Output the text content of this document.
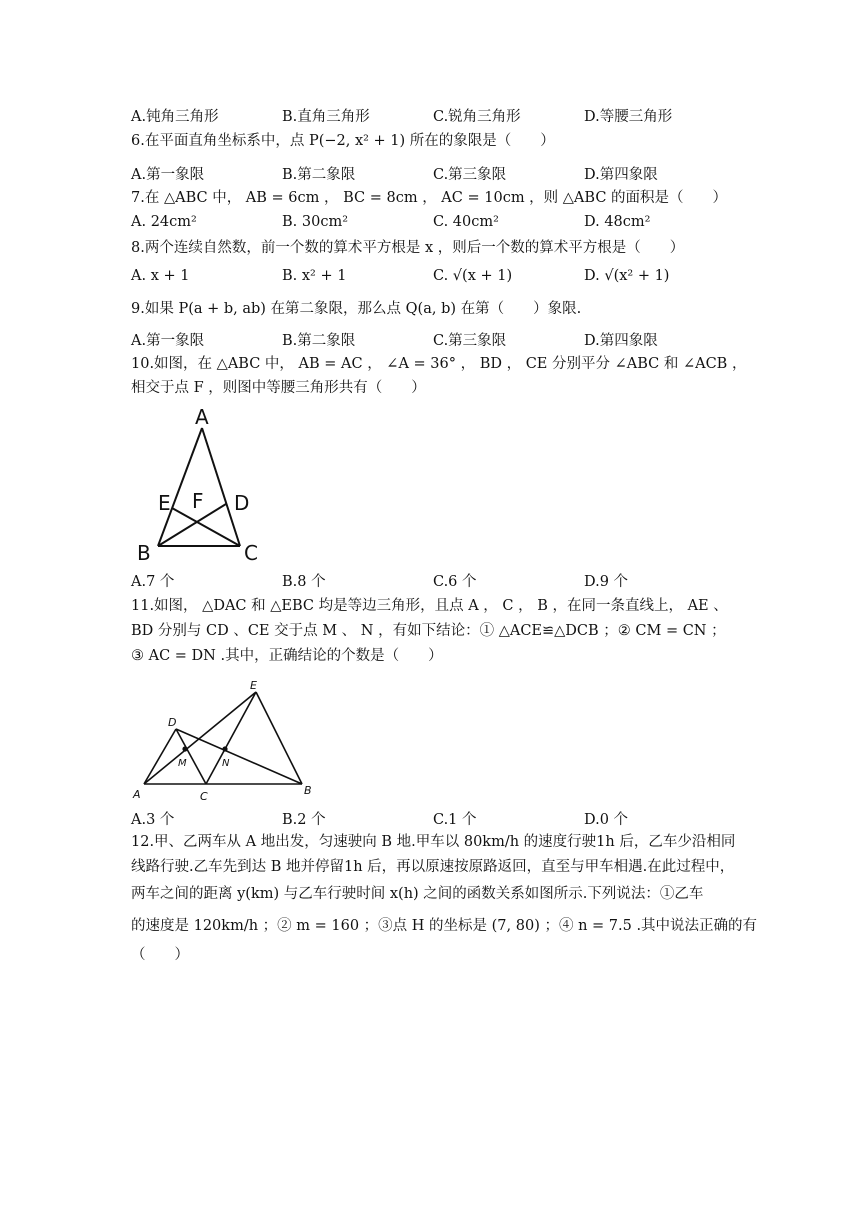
A.钝角三角形	B.直角三角形	C.锐角三角形	D.等腰三角形
6.在平面直角坐标系中，点 P(−2, x² + 1) 所在的象限是（　　）
A.第一象限	B.第二象限	C.第三象限	D.第四象限
7.在 △ABC 中， AB = 6cm ， BC = 8cm ， AC = 10cm ，则 △ABC 的面积是（　　）
A. 24cm²	B. 30cm²	C. 40cm²	D. 48cm²
8.两个连续自然数，前一个数的算术平方根是 x ，则后一个数的算术平方根是（　　）
A. x + 1	B. x² + 1	C. √(x + 1)	D. √(x² + 1)
9.如果 P(a + b, ab) 在第二象限，那么点 Q(a, b) 在第（　　）象限.
A.第一象限	B.第二象限	C.第三象限	D.第四象限
10.如图，在 △ABC 中， AB = AC ， ∠A = 36° ， BD ， CE 分别平分 ∠ABC 和 ∠ACB ，
相交于点 F ，则图中等腰三角形共有（　　）
A
B	C
D
E F
A.7 个	B.8 个	C.6 个	D.9 个
11.如图， △DAC 和 △EBC 均是等边三角形，且点 A ， C ， B ，在同一条直线上， AE 、
BD 分别与 CD 、CE 交于点 M 、 N ，有如下结论：① △ACE≌△DCB ；② CM = CN ；
③ AC = DN .其中，正确结论的个数是（　　）
A	B
C
D
E
M	N
A.3 个	B.2 个	C.1 个	D.0 个
12.甲、乙两车从 A 地出发，匀速驶向 B 地.甲车以 80km/h 的速度行驶1h 后，乙车少沿相同
线路行驶.乙车先到达 B 地并停留1h 后，再以原速按原路返回，直至与甲车相遇.在此过程中，
两车之间的距离 y(km) 与乙车行驶时间 x(h) 之间的函数关系如图所示.下列说法：①乙车
的速度是 120km/h ；② m = 160 ；③点 H 的坐标是 (7, 80) ；④ n = 7.5 .其中说法正确的有
（　　）
